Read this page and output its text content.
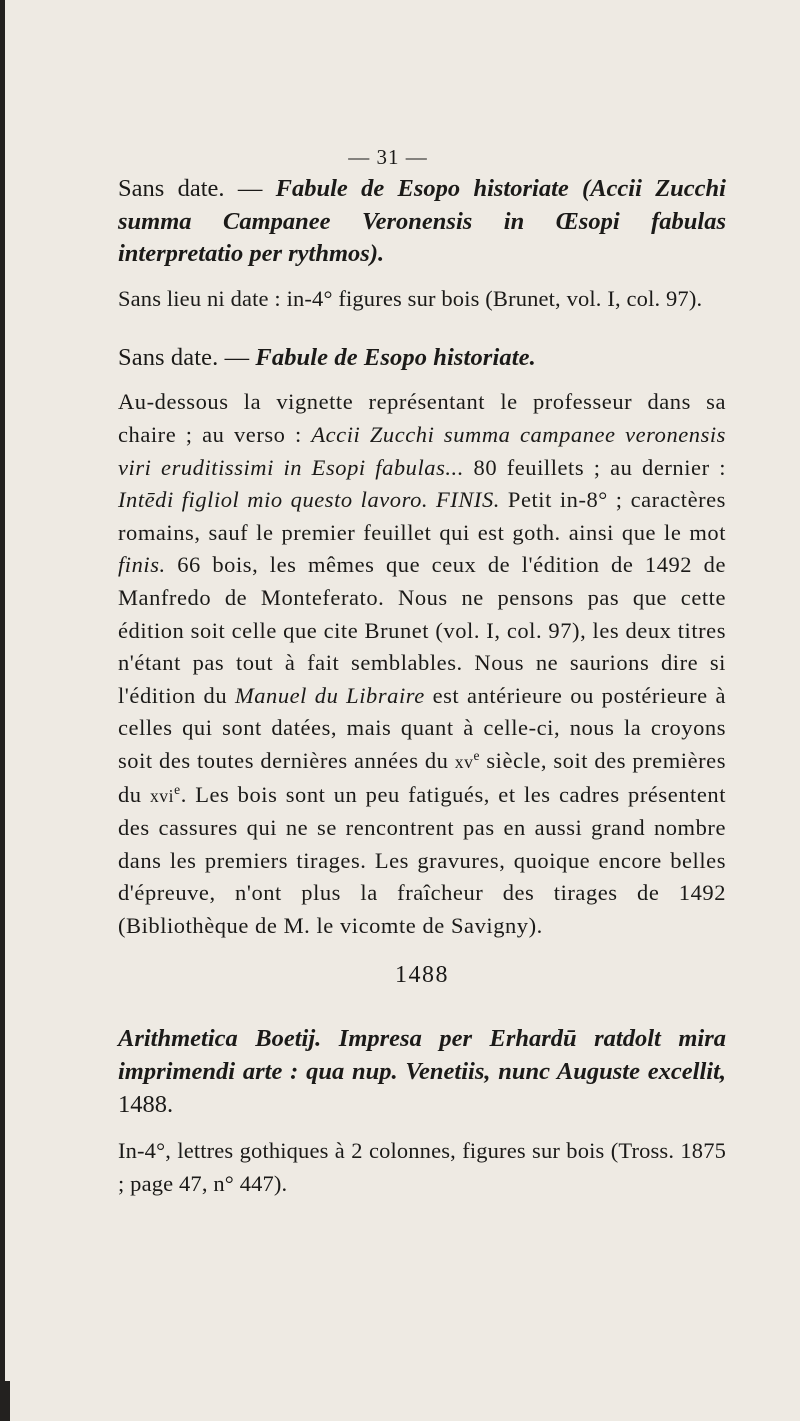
— 31 —

Sans date. — Fabule de Esopo historiate (Accii Zucchi summa Campanee Veronensis in Œsopi fabulas interpretatio per rythmos).

Sans lieu ni date : in-4° figures sur bois (Brunet, vol. I, col. 97).

Sans date. — Fabule de Esopo historiate.

Au-dessous la vignette représentant le professeur dans sa chaire ; au verso : Accii Zucchi summa campanee veronensis viri eruditissimi in Esopi fabulas... 80 feuillets ; au dernier : Intēdi figliol mio questo lavoro. FINIS. Petit in-8° ; caractères romains, sauf le premier feuillet qui est goth. ainsi que le mot finis. 66 bois, les mêmes que ceux de l'édition de 1492 de Manfredo de Monteferato. Nous ne pensons pas que cette édition soit celle que cite Brunet (vol. I, col. 97), les deux titres n'étant pas tout à fait semblables. Nous ne saurions dire si l'édition du Manuel du Libraire est antérieure ou postérieure à celles qui sont datées, mais quant à celle-ci, nous la croyons soit des toutes dernières années du $xv^e$ siècle, soit des premières du xvi$^e$. Les bois sont un peu fatigués, et les cadres présentent des cassures qui ne se rencontrent pas en aussi grand nombre dans les premiers tirages. Les gravures, quoique encore belles d'épreuve, n'ont plus la fraîcheur des tirages de 1492 (Bibliothèque de M. le vicomte de Savigny).

1488

Arithmetica Boetij. Impresa per Erhardū ratdolt mira imprimendi arte : qua nup. Venetiis, nunc Auguste excellit, 1488.

In-4°, lettres gothiques à 2 colonnes, figures sur bois (Tross. 1875 ; page 47, n° 447).
